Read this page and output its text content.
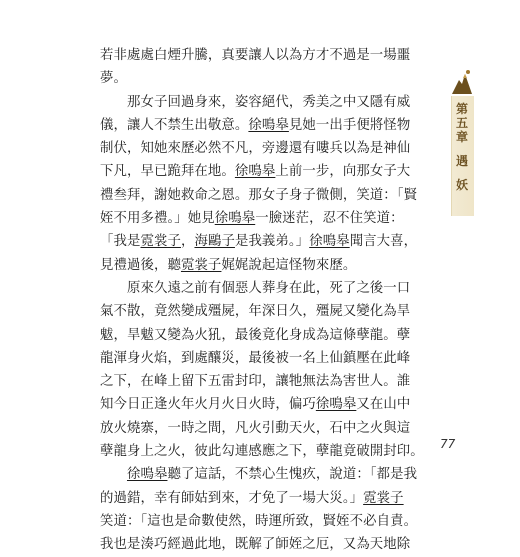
若非處處白煙升騰，真要讓人以為方才不過是一場噩
夢。
　　那女子回過身來，姿容絕代，秀美之中又隱有威
儀，讓人不禁生出敬意。徐鳴皋見她一出手便將怪物
制伏，知她來歷必然不凡，旁邊還有嘍兵以為是神仙
下凡，早已跪拜在地。徐鳴皋上前一步，向那女子大
禮叁拜，謝她救命之恩。那女子身子微側，笑道：「賢
姪不用多禮。」她見徐鳴皋一臉迷茫，忍不住笑道：
「我是霓裳子，海鷗子是我義弟。」徐鳴皋聞言大喜，
見禮過後，聽霓裳子娓娓說起這怪物來歷。
　　原來久遠之前有個惡人葬身在此，死了之後一口
氣不散，竟然變成殭屍，年深日久，殭屍又變化為旱
魃，旱魃又變為火犼，最後竟化身成為這條孽龍。孽
龍渾身火焰，到處釀災，最後被一名上仙鎮壓在此峰
之下，在峰上留下五雷封印，讓牠無法為害世人。誰
知今日正逢火年火月火日火時，偏巧徐鳴皋又在山中
放火燒寨，一時之間，凡火引動天火，石中之火與這
孽龍身上之火，彼此勾連感應之下，孽龍竟破開封印。
　　徐鳴皋聽了這話，不禁心生愧疚，說道：「都是我
的過錯，幸有師姑到來，才免了一場大災。」霓裳子
笑道：「這也是命數使然，時運所致，賢姪不必自責。
我也是湊巧經過此地，既解了師姪之厄，又為天地除
第
五
章
遇
妖
77
